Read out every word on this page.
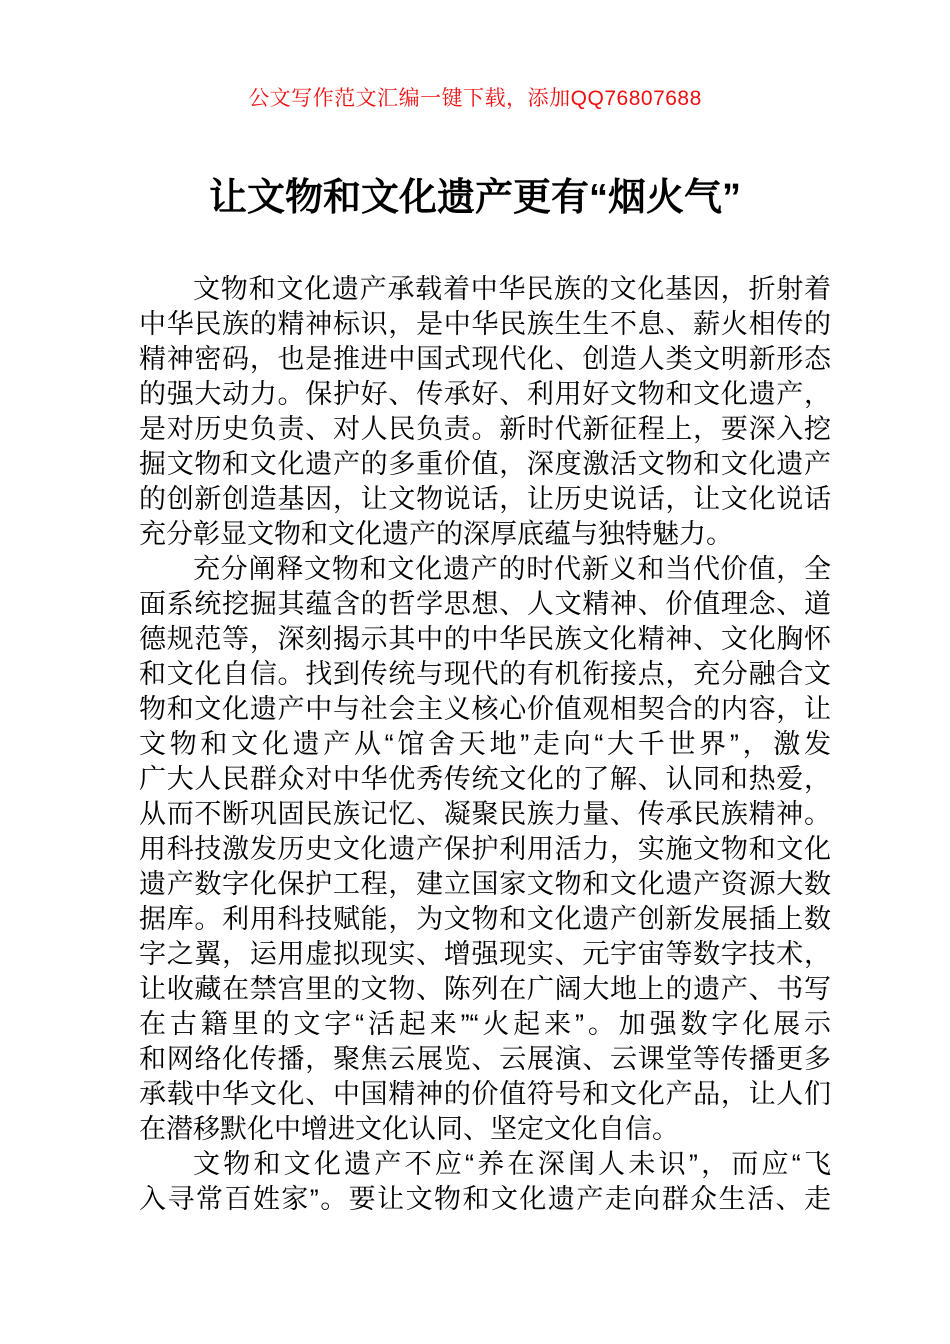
公文写作范文汇编一键下载，添加QQ76807688
让文物和文化遗产更有“烟火气”
文物和文化遗产承载着中华民族的文化基因，折射着
中华民族的精神标识，是中华民族生生不息、薪火相传的
精神密码，也是推进中国式现代化、创造人类文明新形态
的强大动力。保护好、传承好、利用好文物和文化遗产，
是对历史负责、对人民负责。新时代新征程上，要深入挖
掘文物和文化遗产的多重价值，深度激活文物和文化遗产
的创新创造基因，让文物说话，让历史说话，让文化说话
充分彰显文物和文化遗产的深厚底蕴与独特魅力。
充分阐释文物和文化遗产的时代新义和当代价值，全
面系统挖掘其蕴含的哲学思想、人文精神、价值理念、道
德规范等，深刻揭示其中的中华民族文化精神、文化胸怀
和文化自信。找到传统与现代的有机衔接点，充分融合文
物和文化遗产中与社会主义核心价值观相契合的内容，让
文物和文化遗产从“馆舍天地”走向“大千世界”，激发
广大人民群众对中华优秀传统文化的了解、认同和热爱，
从而不断巩固民族记忆、凝聚民族力量、传承民族精神。
用科技激发历史文化遗产保护利用活力，实施文物和文化
遗产数字化保护工程，建立国家文物和文化遗产资源大数
据库。利用科技赋能，为文物和文化遗产创新发展插上数
字之翼，运用虚拟现实、增强现实、元宇宙等数字技术，
让收藏在禁宫里的文物、陈列在广阔大地上的遗产、书写
在古籍里的文字“活起来”“火起来”。加强数字化展示
和网络化传播，聚焦云展览、云展演、云课堂等传播更多
承载中华文化、中国精神的价值符号和文化产品，让人们
在潜移默化中增进文化认同、坚定文化自信。
文物和文化遗产不应“养在深闺人未识”，而应“飞
入寻常百姓家”。要让文物和文化遗产走向群众生活、走
